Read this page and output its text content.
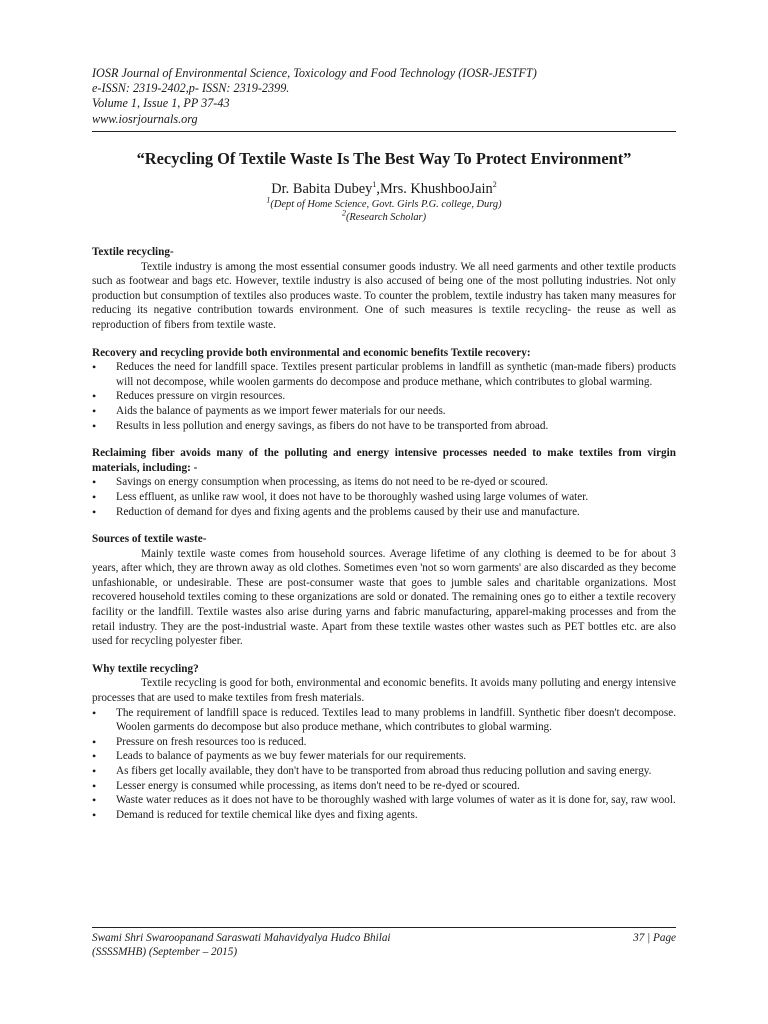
IOSR Journal of Environmental Science, Toxicology and Food Technology (IOSR-JESTFT)
e-ISSN: 2319-2402,p- ISSN: 2319-2399.
Volume 1, Issue 1, PP 37-43
www.iosrjournals.org
“Recycling Of Textile Waste Is The Best Way To Protect Environment”
Dr. Babita Dubey$^1$,Mrs. KhushbooJain$^2$
$^1$(Dept of Home Science, Govt. Girls P.G. college, Durg)
$^2$(Research Scholar)
Textile recycling-

Textile industry is among the most essential consumer goods industry. We all need garments and other textile products such as footwear and bags etc. However, textile industry is also accused of being one of the most polluting industries. Not only production but consumption of textiles also produces waste. To counter the problem, textile industry has taken many measures for reducing its negative contribution towards environment. One of such measures is textile recycling- the reuse as well as reproduction of fibers from textile waste.

Recovery and recycling provide both environmental and economic benefits Textile recovery:
• Reduces the need for landfill space. Textiles present particular problems in landfill as synthetic (man-made fibers) products will not decompose, while woolen garments do decompose and produce methane, which contributes to global warming.
• Reduces pressure on virgin resources.
• Aids the balance of payments as we import fewer materials for our needs.
• Results in less pollution and energy savings, as fibers do not have to be transported from abroad.
Reclaiming fiber avoids many of the polluting and energy intensive processes needed to make textiles from virgin materials, including: -
• Savings on energy consumption when processing, as items do not need to be re-dyed or scoured.
• Less effluent, as unlike raw wool, it does not have to be thoroughly washed using large volumes of water.
• Reduction of demand for dyes and fixing agents and the problems caused by their use and manufacture.
Sources of textile waste-

Mainly textile waste comes from household sources. Average lifetime of any clothing is deemed to be for about 3 years, after which, they are thrown away as old clothes. Sometimes even 'not so worn garments' are also discarded as they become unfashionable, or undesirable. These are post-consumer waste that goes to jumble sales and charitable organizations. Most recovered household textiles coming to these organizations are sold or donated. The remaining ones go to either a textile recovery facility or the landfill. Textile wastes also arise during yarns and fabric manufacturing, apparel-making processes and from the retail industry. They are the post-industrial waste. Apart from these textile wastes other wastes such as PET bottles etc. are also used for recycling polyester fiber.

Why textile recycling?

Textile recycling is good for both, environmental and economic benefits. It avoids many polluting and energy intensive processes that are used to make textiles from fresh materials.

• The requirement of landfill space is reduced. Textiles lead to many problems in landfill. Synthetic fiber doesn't decompose. Woolen garments do decompose but also produce methane, which contributes to global warming.
• Pressure on fresh resources too is reduced.
• Leads to balance of payments as we buy fewer materials for our requirements.
• As fibers get locally available, they don't have to be transported from abroad thus reducing pollution and saving energy.
• Lesser energy is consumed while processing, as items don't need to be re-dyed or scoured.
• Waste water reduces as it does not have to be thoroughly washed with large volumes of water as it is done for, say, raw wool.
• Demand is reduced for textile chemical like dyes and fixing agents.
Swami Shri Swaroopanand Saraswati Mahavidyalya Hudco Bhilai	37 | Page
(SSSSMHB) (September – 2015)
